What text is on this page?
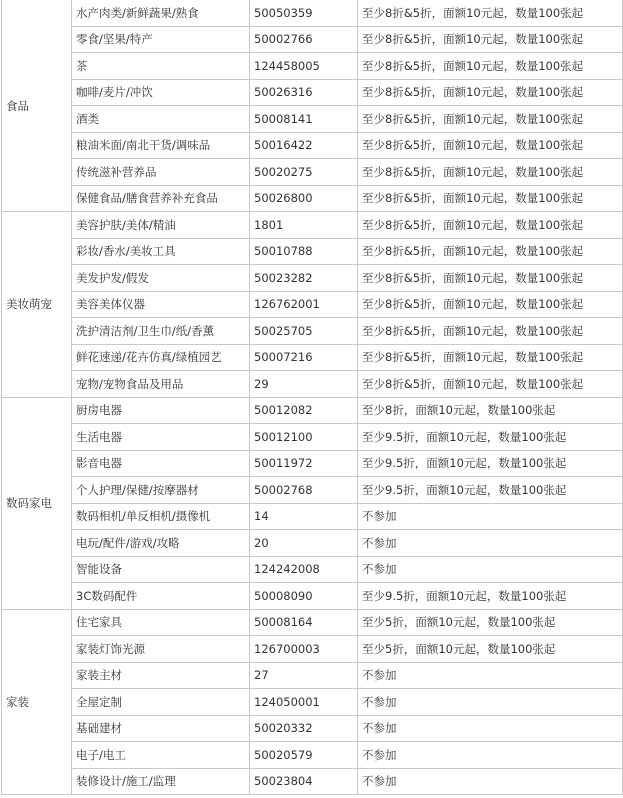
食品	水产肉类/新鲜蔬果/熟食	50050359	至少8折&5折，面额10元起，数量100张起
	零食/坚果/特产	50002766	至少8折&5折，面额10元起，数量100张起
	茶	124458005	至少8折&5折，面额10元起，数量100张起
	咖啡/麦片/冲饮	50026316	至少8折&5折，面额10元起，数量100张起
	酒类	50008141	至少8折&5折，面额10元起，数量100张起
	粮油米面/南北干货/调味品	50016422	至少8折&5折，面额10元起，数量100张起
	传统滋补营养品	50020275	至少8折&5折，面额10元起，数量100张起
	保健食品/膳食营养补充食品	50026800	至少8折&5折，面额10元起，数量100张起
美妆萌宠	美容护肤/美体/精油	1801	至少8折&5折，面额10元起，数量100张起
	彩妆/香水/美妆工具	50010788	至少8折&5折，面额10元起，数量100张起
	美发护发/假发	50023282	至少8折&5折，面额10元起，数量100张起
	美容美体仪器	126762001	至少8折&5折，面额10元起，数量100张起
	洗护清洁剂/卫生巾/纸/香薰	50025705	至少8折&5折，面额10元起，数量100张起
	鲜花速递/花卉仿真/绿植园艺	50007216	至少8折&5折，面额10元起，数量100张起
	宠物/宠物食品及用品	29	至少8折&5折，面额10元起，数量100张起
数码家电	厨房电器	50012082	至少8折，面额10元起，数量100张起
	生活电器	50012100	至少9.5折，面额10元起，数量100张起
	影音电器	50011972	至少9.5折，面额10元起，数量100张起
	个人护理/保健/按摩器材	50002768	至少9.5折，面额10元起，数量100张起
	数码相机/单反相机/摄像机	14	不参加
	电玩/配件/游戏/攻略	20	不参加
	智能设备	124242008	不参加
	3C数码配件	50008090	至少9.5折，面额10元起，数量100张起
家装	住宅家具	50008164	至少5折，面额10元起，数量100张起
	家装灯饰光源	126700003	至少5折，面额10元起，数量100张起
	家装主材	27	不参加
	全屋定制	124050001	不参加
	基础建材	50020332	不参加
	电子/电工	50020579	不参加
	装修设计/施工/监理	50023804	不参加
